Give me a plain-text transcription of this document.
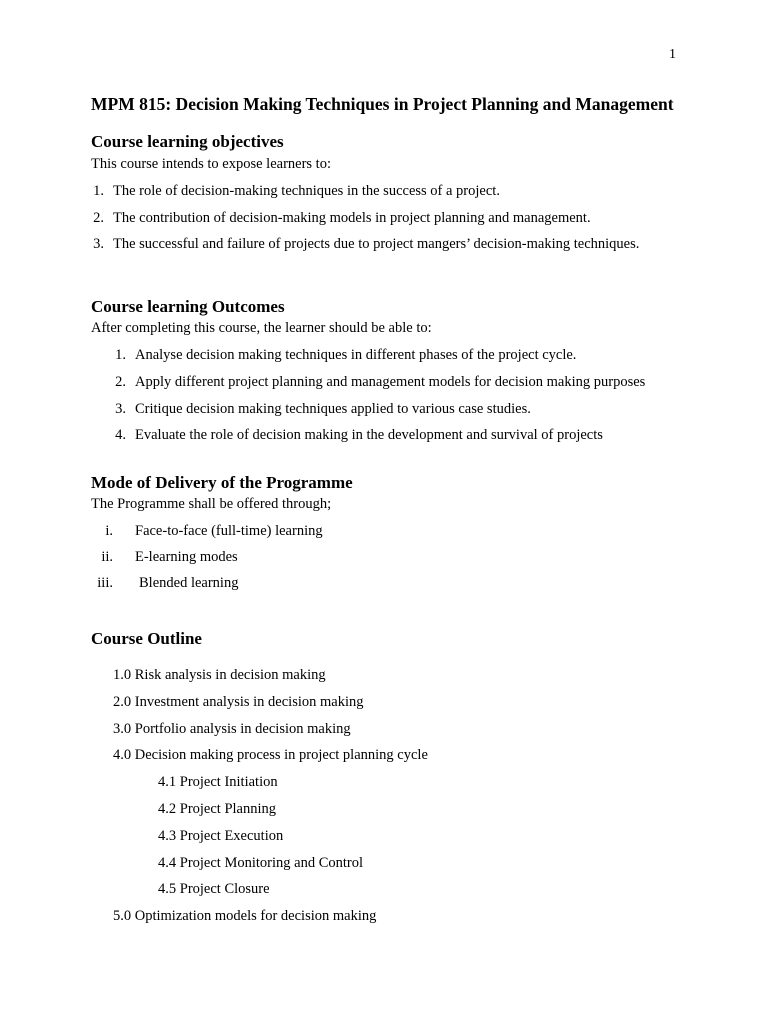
1
MPM 815: Decision Making Techniques in Project Planning and Management
Course learning objectives
This course intends to expose learners to:
1. The role of decision-making techniques in the success of a project.
2. The contribution of decision-making models in project planning and management.
3. The successful and failure of projects due to project mangers’ decision-making techniques.
Course learning Outcomes
After completing this course, the learner should be able to:
1. Analyse decision making techniques in different phases of the project cycle.
2. Apply different project planning and management models for decision making purposes
3. Critique decision making techniques applied to various case studies.
4. Evaluate the role of decision making in the development and survival of projects
Mode of Delivery of the Programme
The Programme shall be offered through;
i. Face-to-face (full-time) learning
ii. E-learning modes
iii. Blended learning
Course Outline
1.0 Risk analysis in decision making
2.0 Investment analysis in decision making
3.0 Portfolio analysis in decision making
4.0 Decision making process in project planning cycle
4.1 Project Initiation
4.2 Project Planning
4.3 Project Execution
4.4 Project Monitoring and Control
4.5 Project Closure
5.0 Optimization models for decision making
